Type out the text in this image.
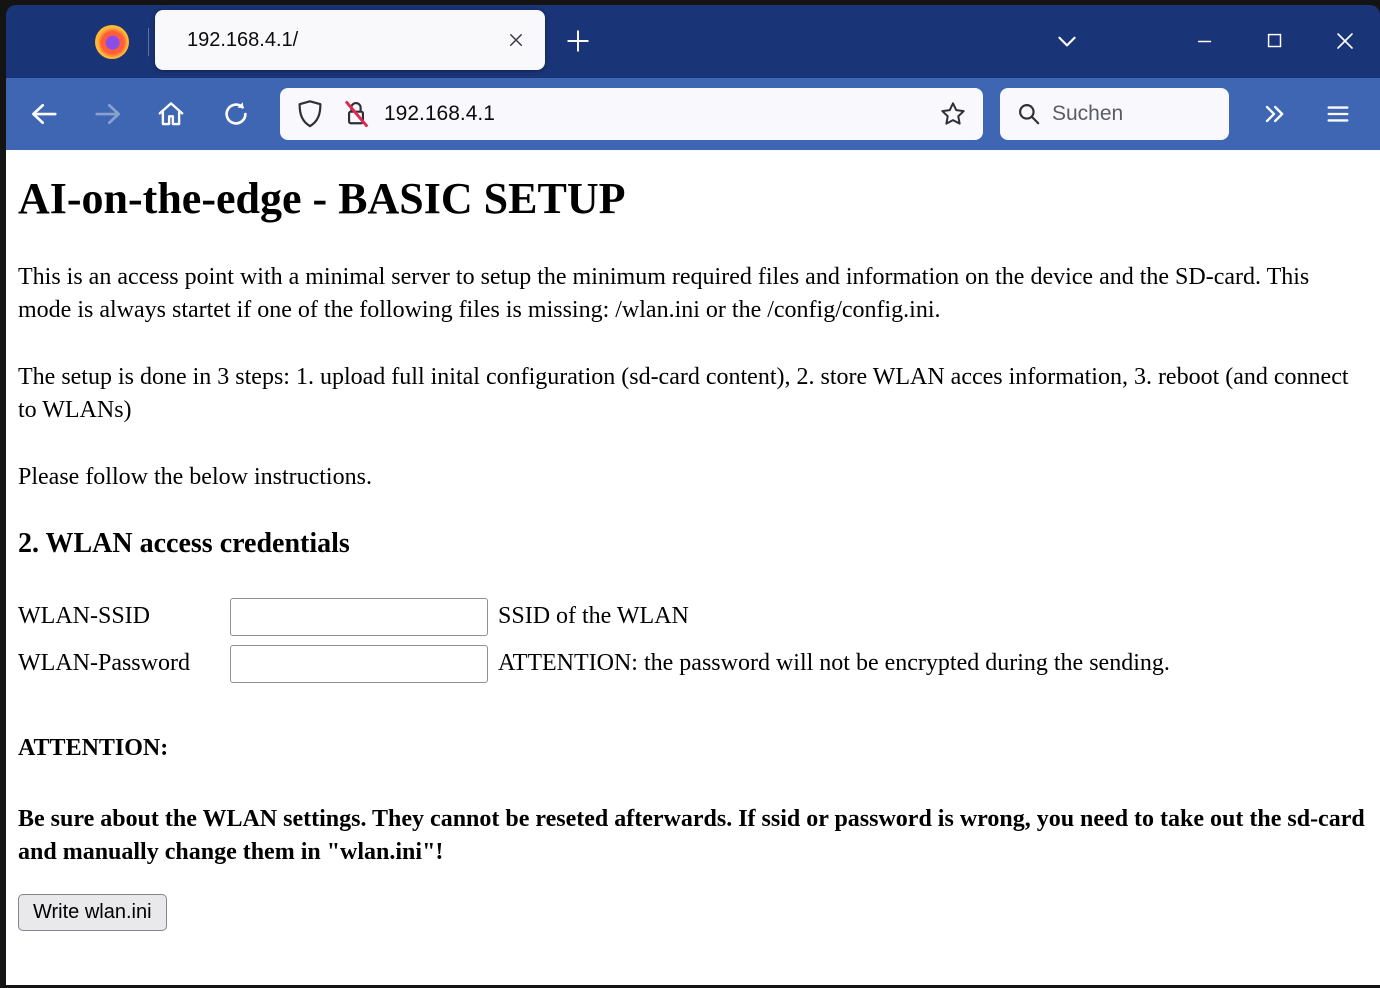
192.168.4.1/
192.168.4.1	Suchen
AI-on-the-edge - BASIC SETUP

This is an access point with a minimal server to setup the minimum required files and information on the device and the SD-card. This mode is always startet if one of the following files is missing: /wlan.ini or the /config/config.ini.

The setup is done in 3 steps: 1. upload full inital configuration (sd-card content), 2. store WLAN acces information, 3. reboot (and connect to WLANs)

Please follow the below instructions.

2. WLAN access credentials
WLAN-SSID	SSID of the WLAN
WLAN-Password	ATTENTION: the password will not be encrypted during the sending.
ATTENTION:

Be sure about the WLAN settings. They cannot be reseted afterwards. If ssid or password is wrong, you need to take out the sd-card and manually change them in "wlan.ini"!

Write wlan.ini
